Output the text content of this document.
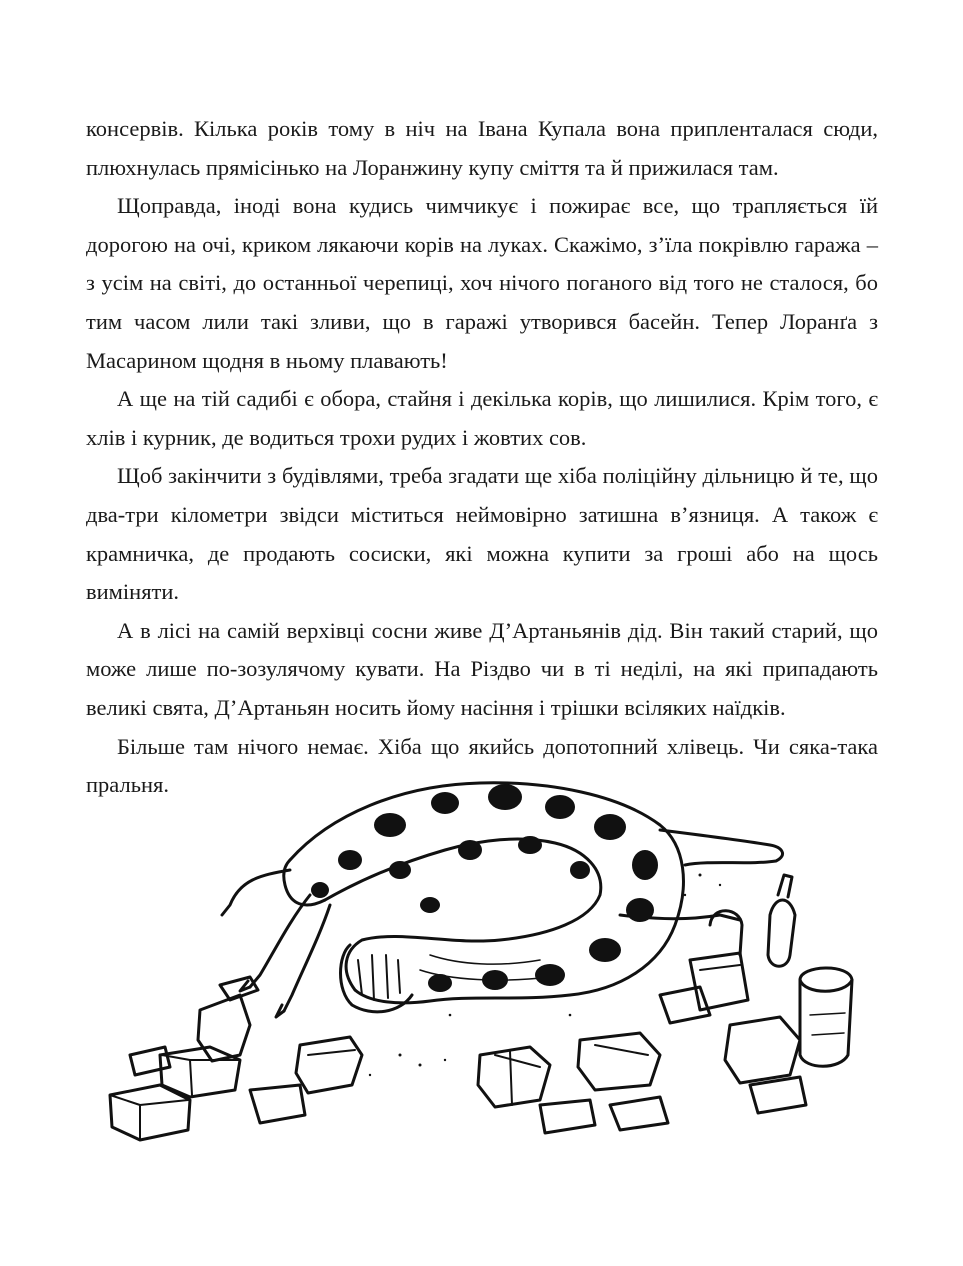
консервів. Кілька років тому в ніч на Івана Купала вона припленталася сюди, плюхнулась прямісінько на Лоранжину купу сміття та й прижилася там.

Щоправда, іноді вона кудись чимчикує і пожирає все, що трапляється їй дорогою на очі, криком лякаючи корів на луках. Скажімо, з’їла покрівлю гаража – з усім на світі, до останньої черепиці, хоч нічого поганого від того не сталося, бо тим часом лили такі зливи, що в гаражі утворився басейн. Тепер Лоранґа з Масарином щодня в ньому плавають!

А ще на тій садибі є обора, стайня і декілька корів, що лишилися. Крім того, є хлів і курник, де водиться трохи рудих і жовтих сов.

Щоб закінчити з будівлями, треба згадати ще хіба поліційну дільницю й те, що два-три кілометри звідси міститься неймовірно затишна в’язниця. А також є крамничка, де продають сосиски, які можна купити за гроші або на щось виміняти.

А в лісі на самій верхівці сосни живе Д’Артаньянів дід. Він такий старий, що може лише по-зозулячому кувати. На Різдво чи в ті неділі, на які припадають великі свята, Д’Артаньян носить йому насіння і трішки всіляких наїдків.

Більше там нічого немає. Хіба що якийсь допотопний хлівець. Чи сяка-така пральня.
